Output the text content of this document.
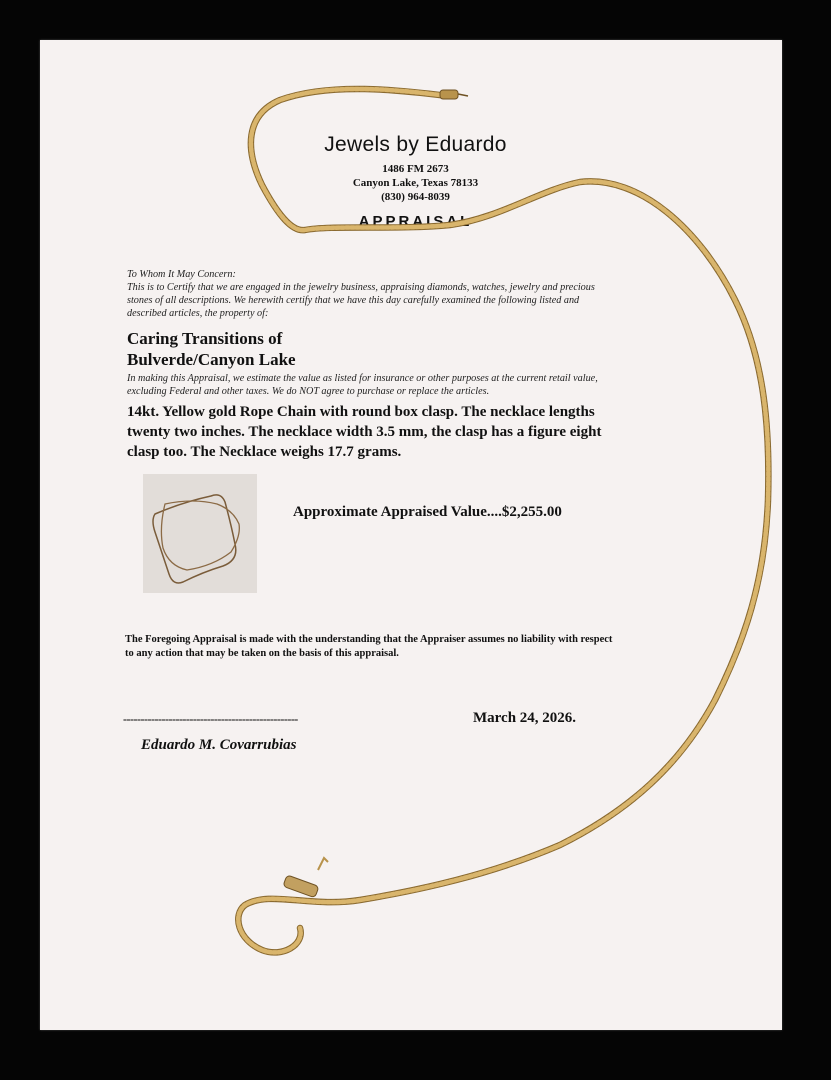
Jewels by Eduardo
1486 FM 2673
Canyon Lake, Texas 78133
(830) 964-8039
APPRAISAL
To Whom It May Concern:
This is to Certify that we are engaged in the jewelry business, appraising diamonds, watches, jewelry and precious
stones of all descriptions. We herewith certify that we have this day carefully examined the following listed and
described articles, the property of:
Caring Transitions of
Bulverde/Canyon Lake
In making this Appraisal, we estimate the value as listed for insurance or other purposes at the current retail value,
excluding Federal and other taxes. We do NOT agree to purchase or replace the articles.
14kt. Yellow gold Rope Chain with round box clasp. The necklace lengths
twenty two inches. The necklace width 3.5 mm, the clasp has a figure eight
clasp too. The Necklace weighs 17.7 grams.
Approximate Appraised Value....$2,255.00
The Foregoing Appraisal is made with the understanding that the Appraiser assumes no liability with respect
to any action that may be taken on the basis of this appraisal.
--------------------------------------------------	March 24, 2026.
Eduardo M. Covarrubias
